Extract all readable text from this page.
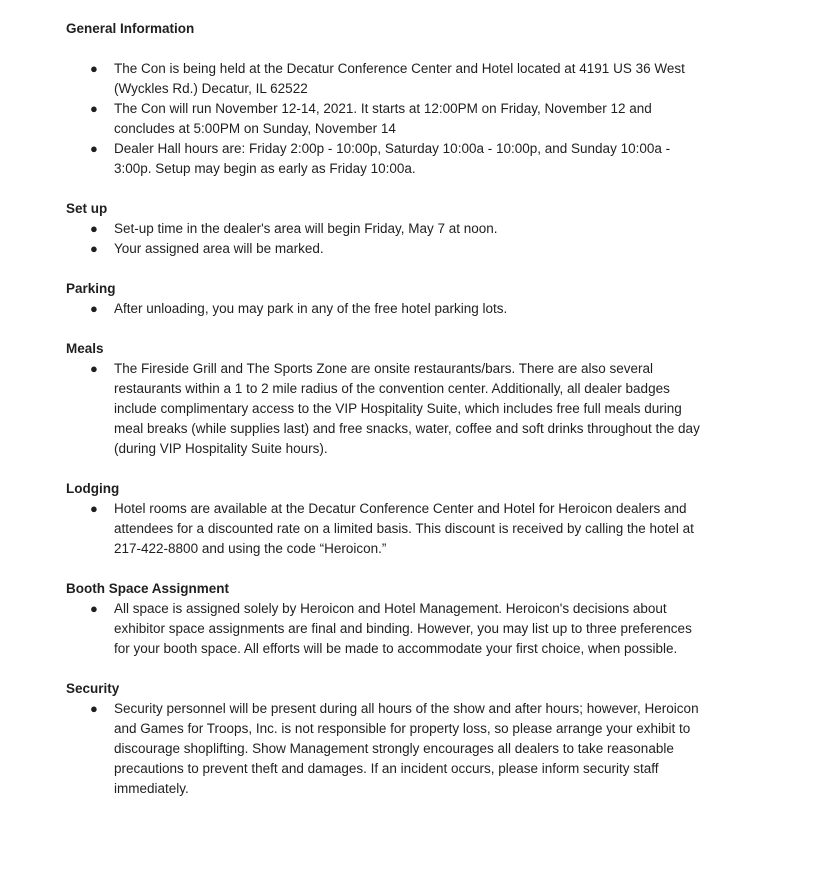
General Information

● The Con is being held at the Decatur Conference Center and Hotel located at 4191 US 36 West (Wyckles Rd.) Decatur, IL 62522
● The Con will run November 12-14, 2021. It starts at 12:00PM on Friday, November 12 and concludes at 5:00PM on Sunday, November 14
● Dealer Hall hours are: Friday 2:00p - 10:00p, Saturday 10:00a - 10:00p, and Sunday 10:00a - 3:00p. Setup may begin as early as Friday 10:00a.

Set up

● Set-up time in the dealer's area will begin Friday, May 7 at noon.
● Your assigned area will be marked.

Parking

● After unloading, you may park in any of the free hotel parking lots.

Meals

● The Fireside Grill and The Sports Zone are onsite restaurants/bars. There are also several restaurants within a 1 to 2 mile radius of the convention center. Additionally, all dealer badges include complimentary access to the VIP Hospitality Suite, which includes free full meals during meal breaks (while supplies last) and free snacks, water, coffee and soft drinks throughout the day (during VIP Hospitality Suite hours).

Lodging

● Hotel rooms are available at the Decatur Conference Center and Hotel for Heroicon dealers and attendees for a discounted rate on a limited basis. This discount is received by calling the hotel at 217-422-8800 and using the code “Heroicon.”

Booth Space Assignment

● All space is assigned solely by Heroicon and Hotel Management. Heroicon's decisions about exhibitor space assignments are final and binding. However, you may list up to three preferences for your booth space. All efforts will be made to accommodate your first choice, when possible.

Security

● Security personnel will be present during all hours of the show and after hours; however, Heroicon and Games for Troops, Inc. is not responsible for property loss, so please arrange your exhibit to discourage shoplifting. Show Management strongly encourages all dealers to take reasonable precautions to prevent theft and damages. If an incident occurs, please inform security staff immediately.
